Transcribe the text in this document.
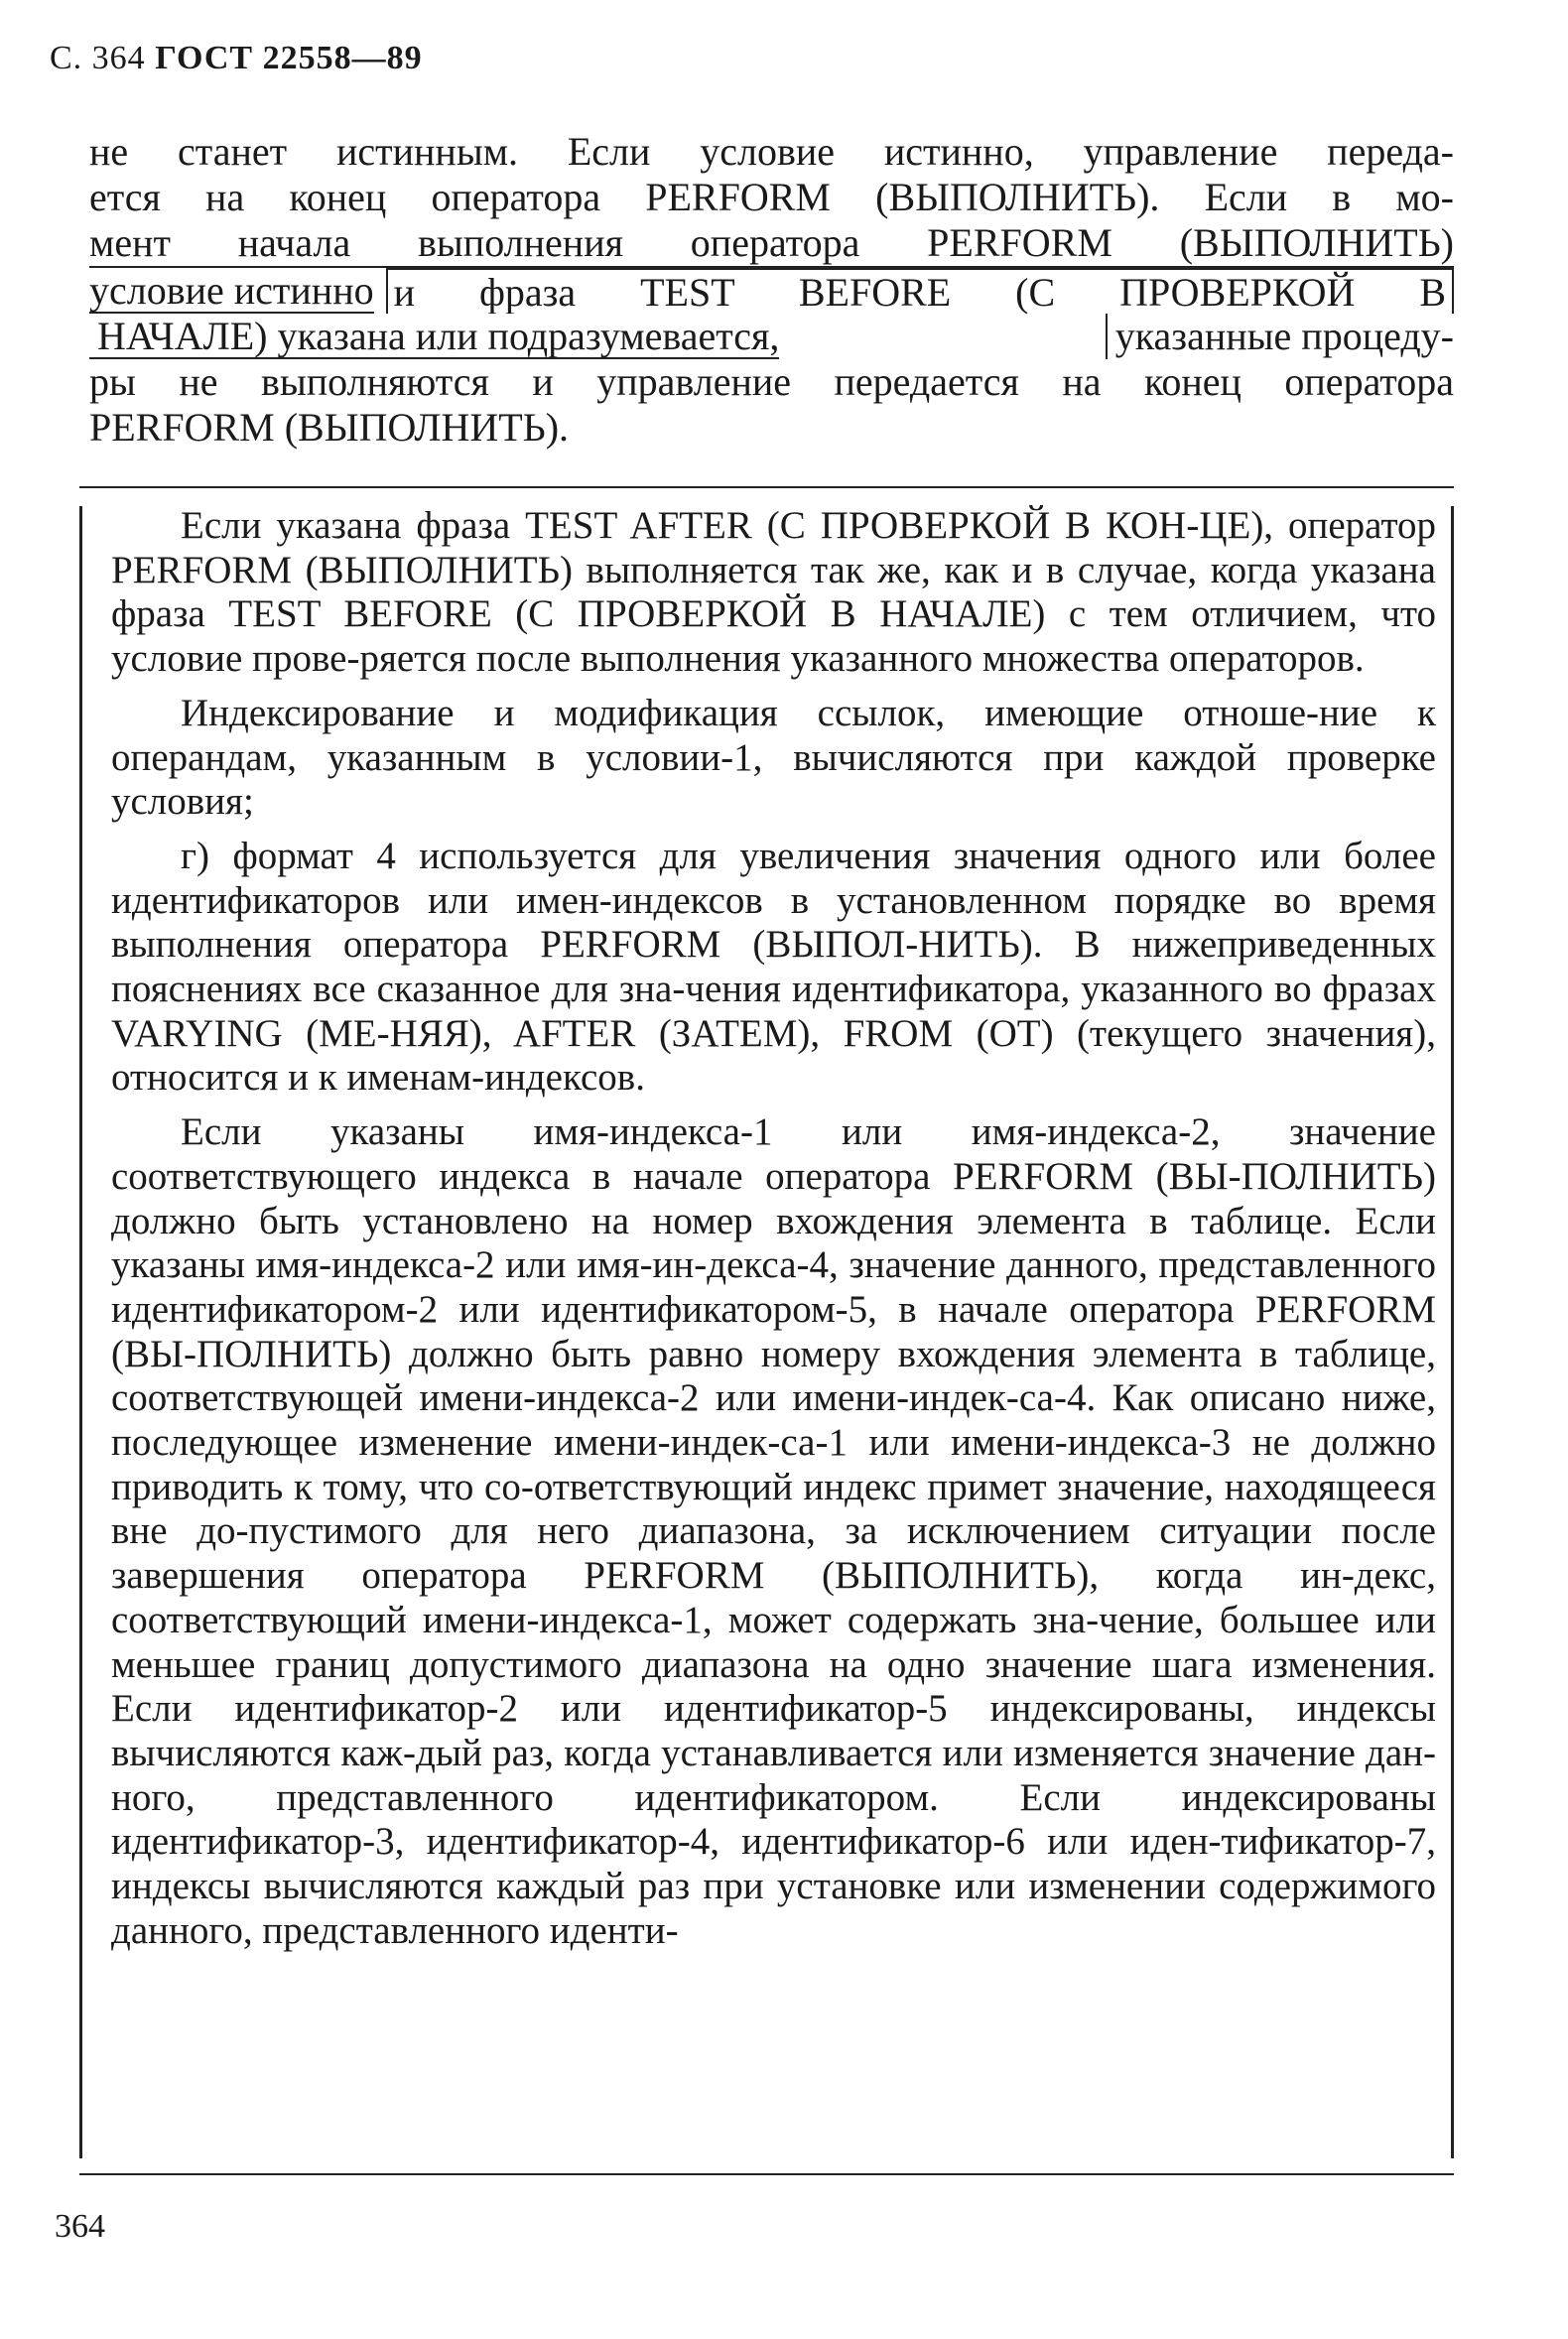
С. 364 ГОСТ 22558—89
не станет истинным. Если условие истинно, управление переда-
ется на конец оператора PERFORM (ВЫПОЛНИТЬ). Если в мо-
мент начала выполнения оператора PERFORM (ВЫПОЛНИТЬ)
условие истинно и фраза TEST BEFORE (С ПРОВЕРКОЙ В
НАЧАЛЕ) указана или подразумевается,	указанные процеду-
ры не выполняются и управление передается на конец оператора
PERFORM (ВЫПОЛНИТЬ).

Если указана фраза TEST AFTER (С ПРОВЕРКОЙ В КОН-ЦЕ), оператор PERFORM (ВЫПОЛНИТЬ) выполняется так же, как и в случае, когда указана фраза TEST BEFORE (С ПРОВЕРКОЙ В НАЧАЛЕ) с тем отличием, что условие прове-ряется после выполнения указанного множества операторов.

Индексирование и модификация ссылок, имеющие отноше-ние к операндам, указанным в условии-1, вычисляются при каждой проверке условия;

г) формат 4 используется для увеличения значения одного или более идентификаторов или имен-индексов в установленном порядке во время выполнения оператора PERFORM (ВЫПОЛ-НИТЬ). В нижеприведенных пояснениях все сказанное для зна-чения идентификатора, указанного во фразах VARYING (МЕ-НЯЯ), AFTER (ЗАТЕМ), FROM (ОТ) (текущего значения), относится и к именам-индексов.

Если указаны имя-индекса-1 или имя-индекса-2, значение соответствующего индекса в начале оператора PERFORM (ВЫ-ПОЛНИТЬ) должно быть установлено на номер вхождения элемента в таблице. Если указаны имя-индекса-2 или имя-ин-декса-4, значение данного, представленного идентификатором-2 или идентификатором-5, в начале оператора PERFORM (ВЫ-ПОЛНИТЬ) должно быть равно номеру вхождения элемента в таблице, соответствующей имени-индекса-2 или имени-индек-са-4. Как описано ниже, последующее изменение имени-индек-са-1 или имени-индекса-3 не должно приводить к тому, что со-ответствующий индекс примет значение, находящееся вне до-пустимого для него диапазона, за исключением ситуации после завершения оператора PERFORM (ВЫПОЛНИТЬ), когда ин-декс, соответствующий имени-индекса-1, может содержать зна-чение, большее или меньшее границ допустимого диапазона на одно значение шага изменения. Если идентификатор-2 или идентификатор-5 индексированы, индексы вычисляются каж-дый раз, когда устанавливается или изменяется значение дан-ного, представленного идентификатором. Если индексированы идентификатор-3, идентификатор-4, идентификатор-6 или иден-тификатор-7, индексы вычисляются каждый раз при установке или изменении содержимого данного, представленного иденти-

364
